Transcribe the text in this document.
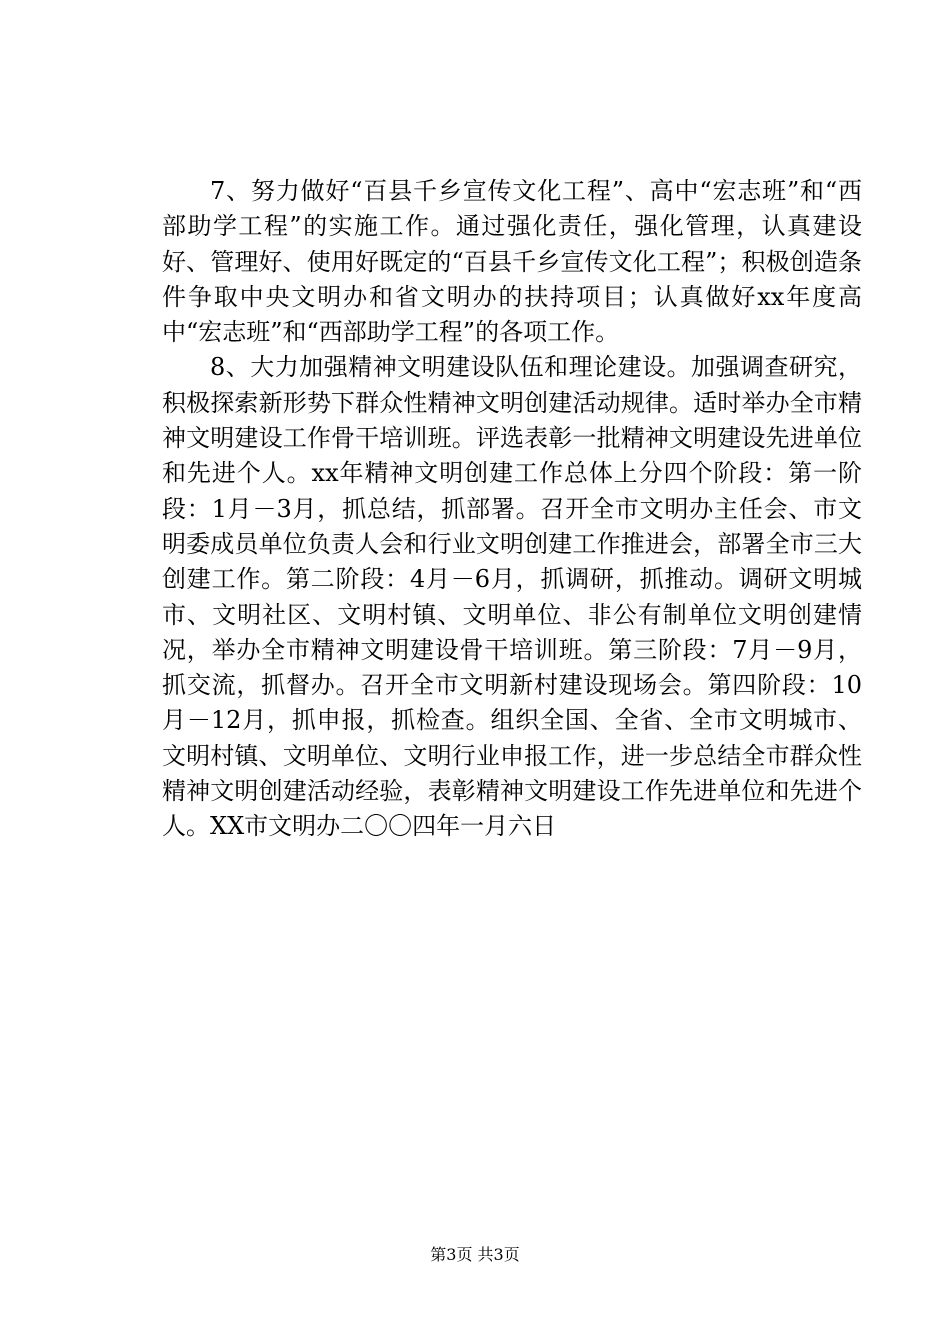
7、努力做好“百县千乡宣传文化工程”、高中“宏志班”和“西部助学工程”的实施工作。通过强化责任，强化管理，认真建设好、管理好、使用好既定的“百县千乡宣传文化工程”；积极创造条件争取中央文明办和省文明办的扶持项目；认真做好xx年度高中“宏志班”和“西部助学工程”的各项工作。

8、大力加强精神文明建设队伍和理论建设。加强调查研究，积极探索新形势下群众性精神文明创建活动规律。适时举办全市精神文明建设工作骨干培训班。评选表彰一批精神文明建设先进单位和先进个人。xx年精神文明创建工作总体上分四个阶段：第一阶段：1月－3月，抓总结，抓部署。召开全市文明办主任会、市文明委成员单位负责人会和行业文明创建工作推进会，部署全市三大创建工作。第二阶段：4月－6月，抓调研，抓推动。调研文明城市、文明社区、文明村镇、文明单位、非公有制单位文明创建情况，举办全市精神文明建设骨干培训班。第三阶段：7月－9月，抓交流，抓督办。召开全市文明新村建设现场会。第四阶段：10月－12月，抓申报，抓检查。组织全国、全省、全市文明城市、文明村镇、文明单位、文明行业申报工作，进一步总结全市群众性精神文明创建活动经验，表彰精神文明建设工作先进单位和先进个人。XX市文明办二〇〇四年一月六日

第3页 共3页
